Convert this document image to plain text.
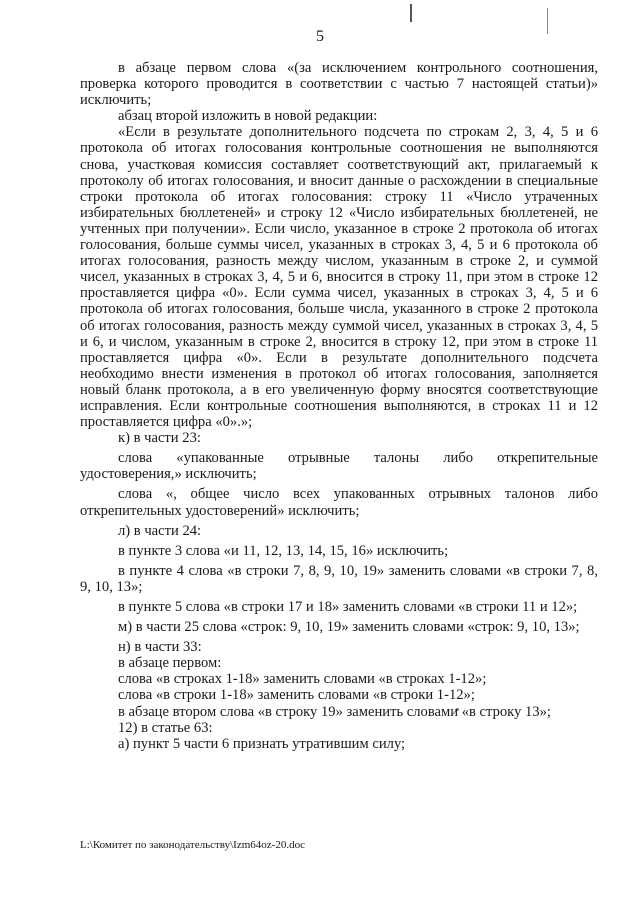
5

в абзаце первом слова «(за исключением контрольного соотношения, проверка которого проводится в соответствии с частью 7 настоящей статьи)» исключить;

абзац второй изложить в новой редакции:

«Если в результате дополнительного подсчета по строкам 2, 3, 4, 5 и 6 протокола об итогах голосования контрольные соотношения не выполняются снова, участковая комиссия составляет соответствующий акт, прилагаемый к протоколу об итогах голосования, и вносит данные о расхождении в специальные строки протокола об итогах голосования: строку 11 «Число утраченных избирательных бюллетеней» и строку 12 «Число избирательных бюллетеней, не учтенных при получении». Если число, указанное в строке 2 протокола об итогах голосования, больше суммы чисел, указанных в строках 3, 4, 5 и 6 протокола об итогах голосования, разность между числом, указанным в строке 2, и суммой чисел, указанных в строках 3, 4, 5 и 6, вносится в строку 11, при этом в строке 12 проставляется цифра «0». Если сумма чисел, указанных в строках 3, 4, 5 и 6 протокола об итогах голосования, больше числа, указанного в строке 2 протокола об итогах голосования, разность между суммой чисел, указанных в строках 3, 4, 5 и 6, и числом, указанным в строке 2, вносится в строку 12, при этом в строке 11 проставляется цифра «0». Если в результате дополнительного подсчета необходимо внести изменения в протокол об итогах голосования, заполняется новый бланк протокола, а в его увеличенную форму вносятся соответствующие исправления. Если контрольные соотношения выполняются, в строках 11 и 12 проставляется цифра «0».»;

к) в части 23:

слова «упакованные отрывные талоны либо открепительные удостоверения,» исключить;

слова «, общее число всех упакованных отрывных талонов либо открепительных удостоверений» исключить;

л) в части 24:

в пункте 3 слова «и 11, 12, 13, 14, 15, 16» исключить;

в пункте 4 слова «в строки 7, 8, 9, 10, 19» заменить словами «в строки 7, 8, 9, 10, 13»;

в пункте 5 слова «в строки 17 и 18» заменить словами «в строки 11 и 12»;

м) в части 25 слова «строк: 9, 10, 19» заменить словами «строк: 9, 10, 13»;

н) в части 33:

в абзаце первом:

слова «в строках 1-18» заменить словами «в строках 1-12»;

слова «в строки 1-18» заменить словами «в строки 1-12»;

в абзаце втором слова «в строку 19» заменить словами «в строку 13»;

12) в статье 63:

а) пункт 5 части 6 признать утратившим силу;

L:\Комитет по законодательству\Izm64oz-20.doc
